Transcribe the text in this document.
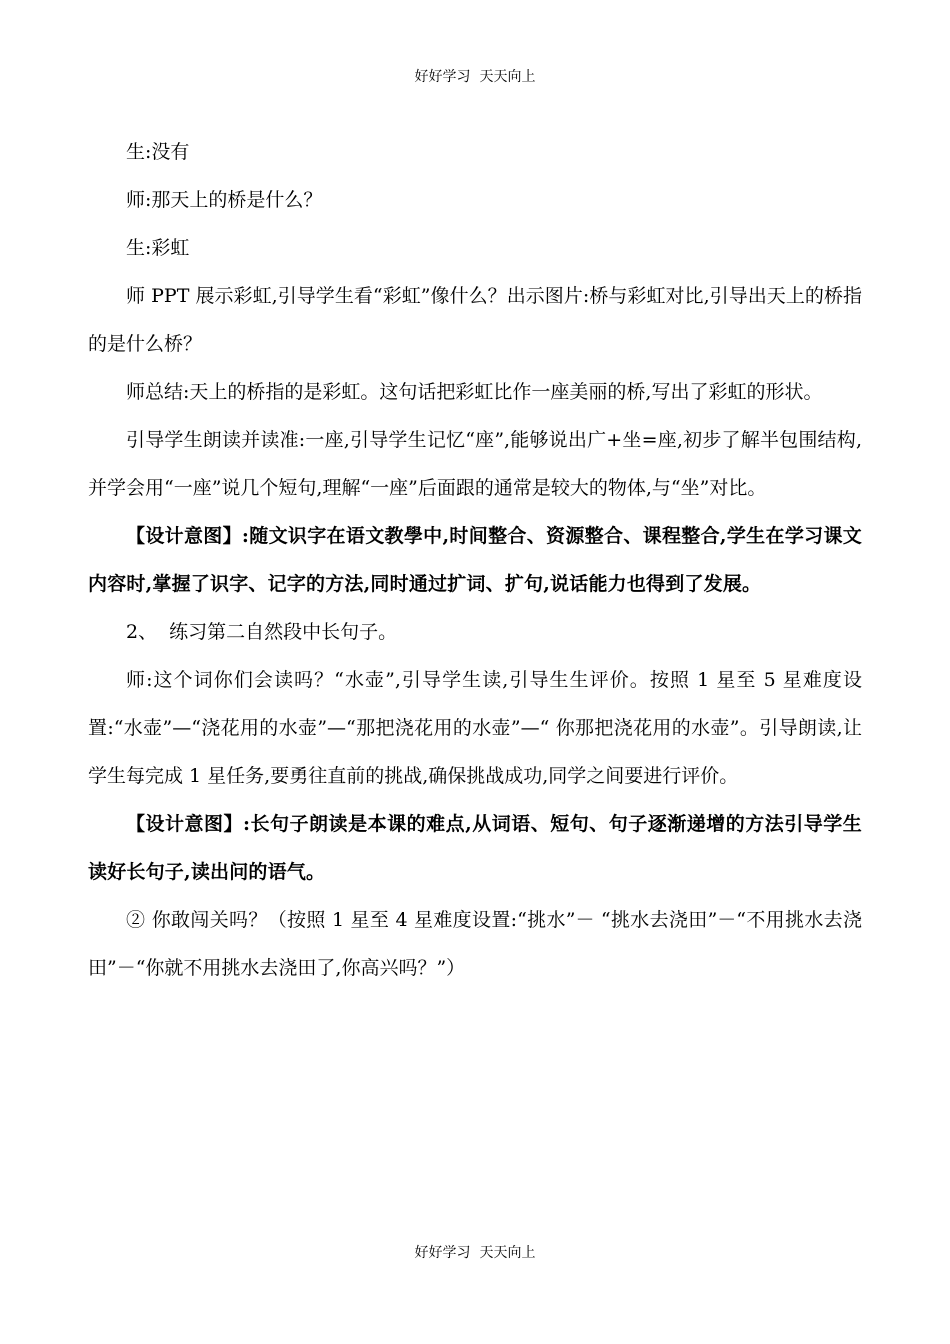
好好学习  天天向上

生:没有

师:那天上的桥是什么？

生:彩虹

师 PPT 展示彩虹,引导学生看“彩虹”像什么？出示图片:桥与彩虹对比,引导出天上的桥指的是什么桥？

师总结:天上的桥指的是彩虹。这句话把彩虹比作一座美丽的桥,写出了彩虹的形状。

引导学生朗读并读准:一座,引导学生记忆“座”,能够说出广+坐=座,初步了解半包围结构,并学会用“一座”说几个短句,理解“一座”后面跟的通常是较大的物体,与“坐”对比。

【设计意图】:随文识字在语文教學中,时间整合、资源整合、课程整合,学生在学习课文内容时,掌握了识字、记字的方法,同时通过扩词、扩句,说话能力也得到了发展。

2、  练习第二自然段中长句子。

师:这个词你们会读吗？“水壶”,引导学生读,引导生生评价。按照 1 星至 5 星难度设置:“水壶”—“浇花用的水壶”—“那把浇花用的水壶”—“ 你那把浇花用的水壶”。引导朗读,让学生每完成 1 星任务,要勇往直前的挑战,确保挑战成功,同学之间要进行评价。

【设计意图】:长句子朗读是本课的难点,从词语、短句、句子逐渐递增的方法引导学生读好长句子,读出问的语气。

② 你敢闯关吗？（按照 1 星至 4 星难度设置:“挑水”－ “挑水去浇田”－“不用挑水去浇田”－“你就不用挑水去浇田了,你高兴吗？”）

好好学习  天天向上
